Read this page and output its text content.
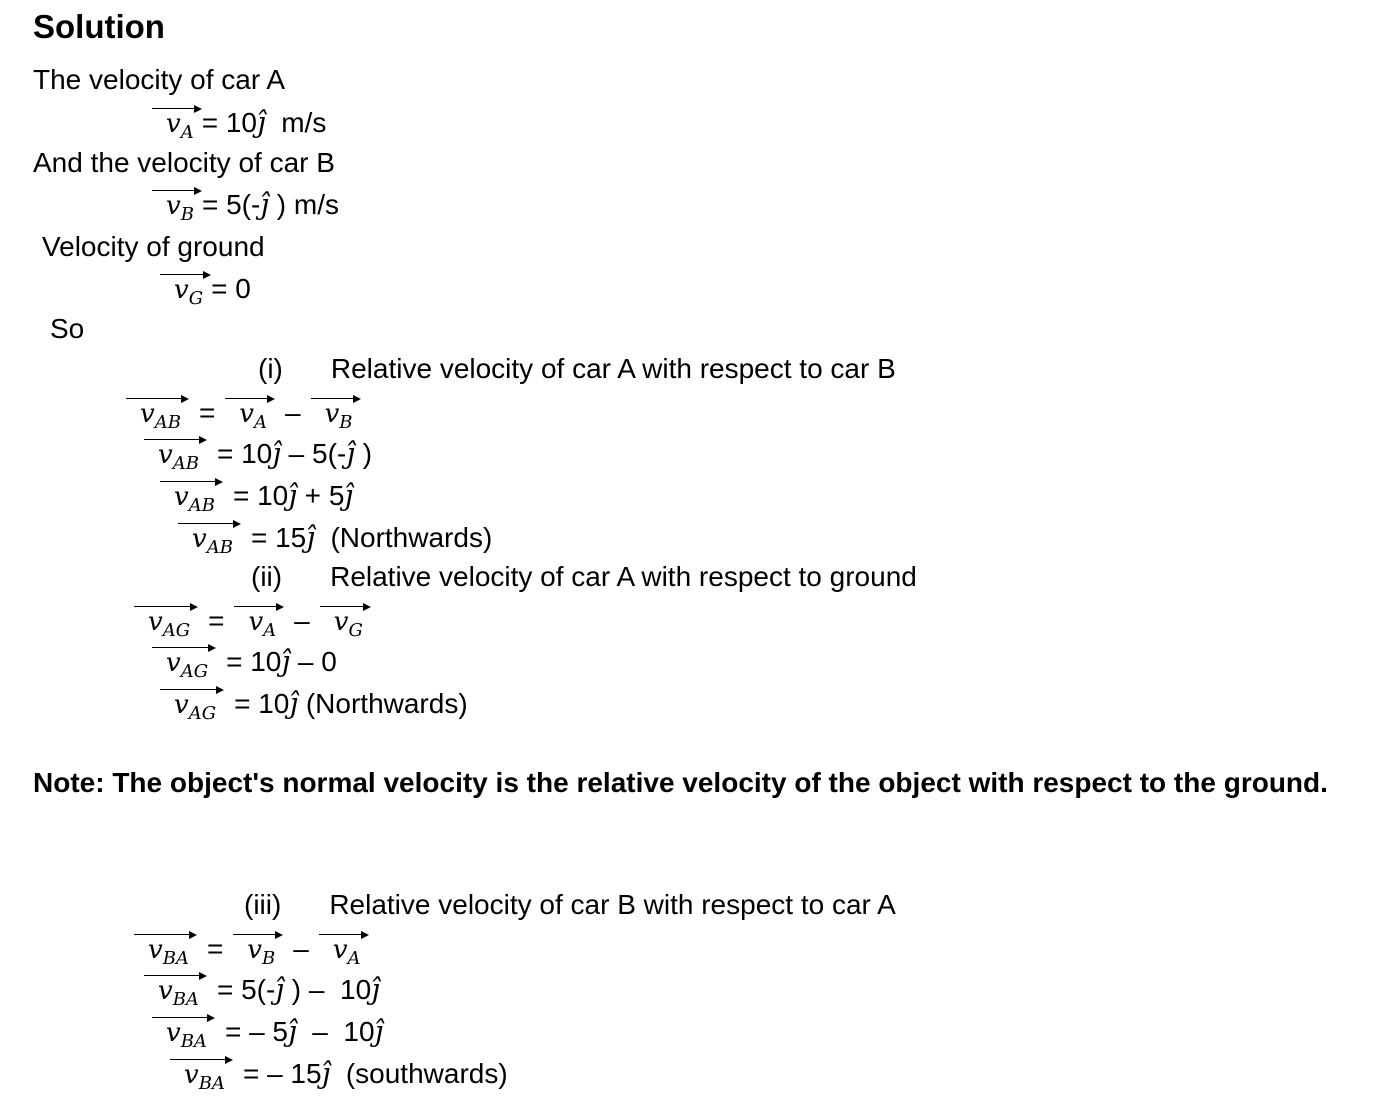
Solution
The velocity of car A
$v_A$ = 10ĵ  m/s
And the velocity of car B
$v_B$ = 5(-ĵ ) m/s
Velocity of ground
$v_G = 0$
So
(i) Relative velocity of car A with respect to car B
$v_{AB} = v_A - v_B$
$v_{AB}$ = 10ĵ – 5(-ĵ )
$v_{AB}$ = 10ĵ + 5ĵ
$v_{AB}$ = 15ĵ  (Northwards)
(ii) Relative velocity of car A with respect to ground
$v_{AG} = v_A - v_G$
$v_{AG}$ = 10ĵ – 0
$v_{AG}$ = 10ĵ (Northwards)
Note: The object's normal velocity is the relative velocity of the object with respect to the ground.
(iii) Relative velocity of car B with respect to car A
$v_{BA} = v_B - v_A$
$v_{BA}$ = 5(-ĵ ) –  10ĵ
$v_{BA}$ = – 5ĵ  –  10ĵ
$v_{BA}$ = – 15ĵ  (southwards)
